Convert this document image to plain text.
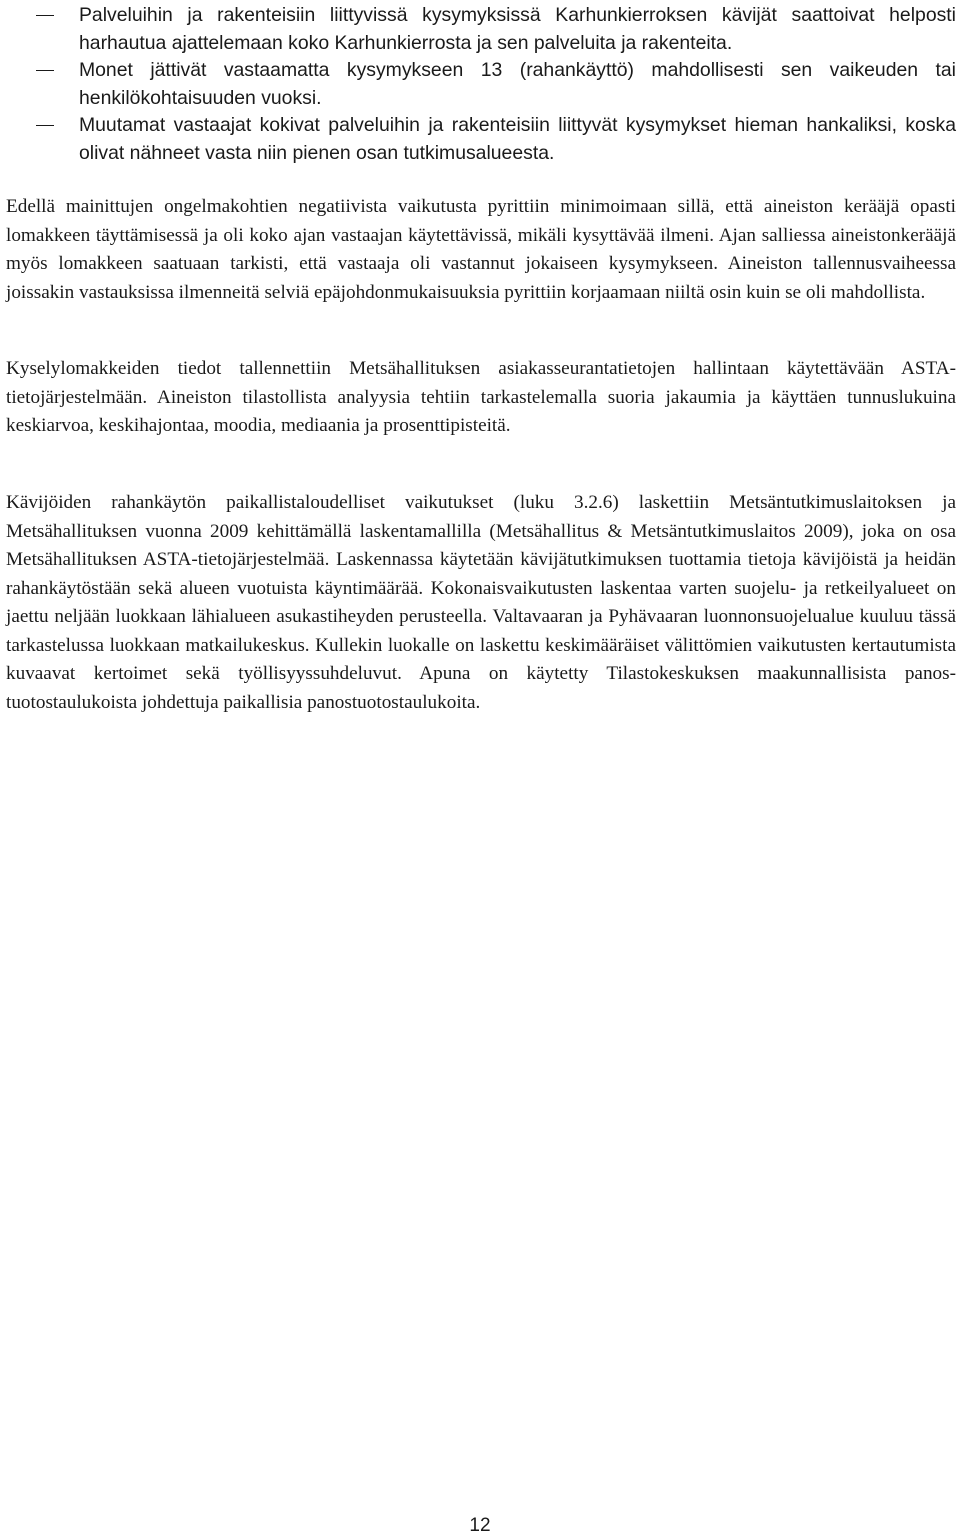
Palveluihin ja rakenteisiin liittyvissä kysymyksissä Karhunkierroksen kävijät saattoivat helposti harhautua ajattelemaan koko Karhunkierrosta ja sen palveluita ja rakenteita.
Monet jättivät vastaamatta kysymykseen 13 (rahankäyttö) mahdollisesti sen vaikeuden tai henkilökohtaisuuden vuoksi.
Muutamat vastaajat kokivat palveluihin ja rakenteisiin liittyvät kysymykset hieman hankaliksi, koska olivat nähneet vasta niin pienen osan tutkimusalueesta.

Edellä mainittujen ongelmakohtien negatiivista vaikutusta pyrittiin minimoimaan sillä, että aineiston kerääjä opasti lomakkeen täyttämisessä ja oli koko ajan vastaajan käytettävissä, mikäli kysyttävää ilmeni. Ajan salliessa aineistonkerääjä myös lomakkeen saatuaan tarkisti, että vastaaja oli vastannut jokaiseen kysymykseen. Aineiston tallennusvaiheessa joissakin vastauksissa ilmenneitä selviä epäjohdonmukaisuuksia pyrittiin korjaamaan niiltä osin kuin se oli mahdollista.

Kyselylomakkeiden tiedot tallennettiin Metsähallituksen asiakasseurantatietojen hallintaan käytettävään ASTA-tietojärjestelmään. Aineiston tilastollista analyysia tehtiin tarkastelemalla suoria jakaumia ja käyttäen tunnuslukuina keskiarvoa, keskihajontaa, moodia, mediaania ja prosenttipisteitä.

Kävijöiden rahankäytön paikallistaloudelliset vaikutukset (luku 3.2.6) laskettiin Metsäntutkimuslaitoksen ja Metsähallituksen vuonna 2009 kehittämällä laskentamallilla (Metsähallitus & Metsäntutkimuslaitos 2009), joka on osa Metsähallituksen ASTA-tietojärjestelmää. Laskennassa käytetään kävijätutkimuksen tuottamia tietoja kävijöistä ja heidän rahankäytöstään sekä alueen vuotuista käyntimäärää. Kokonaisvaikutusten laskentaa varten suojelu- ja retkeilyalueet on jaettu neljään luokkaan lähialueen asukastiheyden perusteella. Valtavaaran ja Pyhävaaran luonnonsuojelualue kuuluu tässä tarkastelussa luokkaan matkailukeskus. Kullekin luokalle on laskettu keskimääräiset välittömien vaikutusten kertautumista kuvaavat kertoimet sekä työllisyyssuhdeluvut. Apuna on käytetty Tilastokeskuksen maakunnallisista panos-tuotostaulukoista johdettuja paikallisia panostuotostaulukoita.

12
